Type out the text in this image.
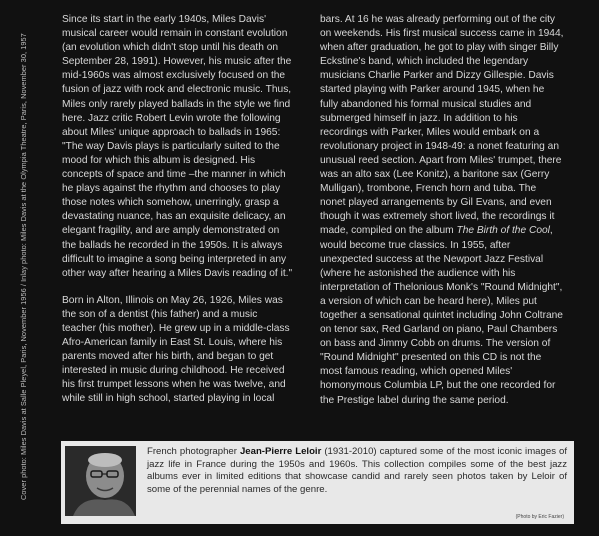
Cover photo: Miles Davis at Salle Pleyel, Paris, November 1956 / Inlay photo: Miles Davis at the Olympia Theatre, Paris, November 30, 1957

Since its start in the early 1940s, Miles Davis' musical career would remain in constant evolution (an evolution which didn't stop until his death on September 28, 1991). However, his music after the mid-1960s was almost exclusively focused on the fusion of jazz with rock and electronic music. Thus, Miles only rarely played ballads in the style we find here. Jazz critic Robert Levin wrote the following about Miles' unique approach to ballads in 1965: "The way Davis plays is particularly suited to the mood for which this album is designed. His concepts of space and time –the manner in which he plays against the rhythm and chooses to play those notes which somehow, unerringly, grasp a devastating nuance, has an exquisite delicacy, an elegant fragility, and are amply demonstrated on the ballads he recorded in the 1950s. It is always difficult to imagine a song being interpreted in any other way after hearing a Miles Davis reading of it."

Born in Alton, Illinois on May 26, 1926, Miles was the son of a dentist (his father) and a music teacher (his mother). He grew up in a middle-class Afro-American family in East St. Louis, where his parents moved after his birth, and began to get interested in music during childhood. He received his first trumpet lessons when he was twelve, and while still in high school, started playing in local

bars. At 16 he was already performing out of the city on weekends. His first musical success came in 1944, when after graduation, he got to play with singer Billy Eckstine's band, which included the legendary musicians Charlie Parker and Dizzy Gillespie. Davis started playing with Parker around 1945, when he fully abandoned his formal musical studies and submerged himself in jazz. In addition to his recordings with Parker, Miles would embark on a revolutionary project in 1948-49: a nonet featuring an unusual reed section. Apart from Miles' trumpet, there was an alto sax (Lee Konitz), a baritone sax (Gerry Mulligan), trombone, French horn and tuba. The nonet played arrangements by Gil Evans, and even though it was extremely short lived, the recordings it made, compiled on the album The Birth of the Cool, would become true classics. In 1955, after unexpected success at the Newport Jazz Festival (where he astonished the audience with his interpretation of Thelonious Monk's "Round Midnight", a version of which can be heard here), Miles put together a sensational quintet including John Coltrane on tenor sax, Red Garland on piano, Paul Chambers on bass and Jimmy Cobb on drums. The version of "Round Midnight" presented on this CD is not the most famous reading, which opened Miles' homonymous Columbia LP, but the one recorded for the Prestige label during the same period.

French photographer Jean-Pierre Leloir (1931-2010) captured some of the most iconic images of jazz life in France during the 1950s and 1960s. This collection compiles some of the best jazz albums ever in limited editions that showcase candid and rarely seen photos taken by Leloir of some of the perennial names of the genre.
(Photo by Eric Fazier)
